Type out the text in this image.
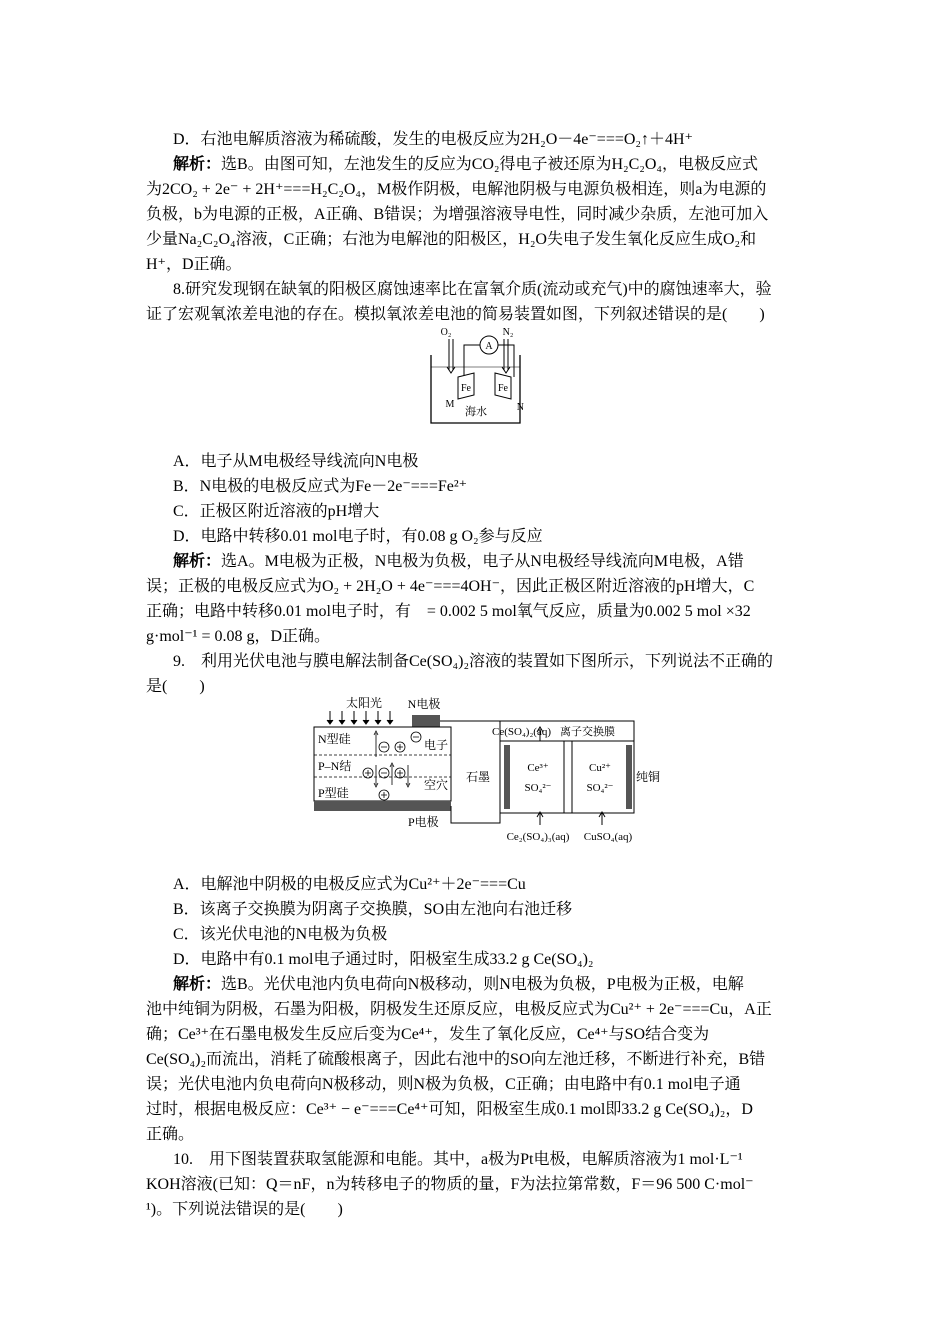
D．右池电解质溶液为稀硫酸，发生的电极反应为2H₂O－4e⁻===O₂↑＋4H⁺
解析：选B。由图可知，左池发生的反应为CO₂得电子被还原为H₂C₂O₄，电极反应式
为2CO₂ + 2e⁻ + 2H⁺===H₂C₂O₄，M极作阴极，电解池阴极与电源负极相连，则a为电源的
负极，b为电源的正极，A正确、B错误；为增强溶液导电性，同时减少杂质，左池可加入
少量Na₂C₂O₄溶液，C正确；右池为电解池的阳极区，H₂O失电子发生氧化反应生成O₂和
H⁺，D正确。
8.研究发现钢在缺氧的阳极区腐蚀速率比在富氧介质(流动或充气)中的腐蚀速率大，验
证了宏观氧浓差电池的存在。模拟氧浓差电池的简易装置如图，下列叙述错误的是(　　)
O₂	N₂
A
Fe	Fe
M	N
海水
A．电子从M电极经导线流向N电极
B．N电极的电极反应式为Fe－2e⁻===Fe²⁺
C．正极区附近溶液的pH增大
D．电路中转移0.01 mol电子时，有0.08 g O₂参与反应
解析：选A。M电极为正极，N电极为负极，电子从N电极经导线流向M电极，A错
误；正极的电极反应式为O₂ + 2H₂O + 4e⁻===4OH⁻，因此正极区附近溶液的pH增大，C
正确；电路中转移0.01 mol电子时，有　= 0.002 5 mol氧气反应，质量为0.002 5 mol ×32
g·mol⁻¹ = 0.08 g，D正确。
9.　利用光伏电池与膜电解法制备Ce(SO₄)₂溶液的装置如下图所示，下列说法不正确的
是(　　)
太阳光 N电极
N型硅
P–N结
P型硅
电子
空穴
P电极
石墨
Ce³⁺
SO₄²⁻
Cu²⁺
SO₄²⁻
纯铜
Ce(SO₄)₂(aq) 离子交换膜
Ce₂(SO₄)₃(aq) CuSO₄(aq)
A．电解池中阴极的电极反应式为Cu²⁺＋2e⁻===Cu
B．该离子交换膜为阴离子交换膜，SO由左池向右池迁移
C．该光伏电池的N电极为负极
D．电路中有0.1 mol电子通过时，阳极室生成33.2 g Ce(SO₄)₂
解析：选B。光伏电池内负电荷向N极移动，则N电极为负极，P电极为正极，电解
池中纯铜为阴极，石墨为阳极，阴极发生还原反应，电极反应式为Cu²⁺ + 2e⁻===Cu，A正
确；Ce³⁺在石墨电极发生反应后变为Ce⁴⁺，发生了氧化反应，Ce⁴⁺与SO结合变为
Ce(SO₄)₂而流出，消耗了硫酸根离子，因此右池中的SO向左池迁移，不断进行补充，B错
误；光伏电池内负电荷向N极移动，则N极为负极，C正确；由电路中有0.1 mol电子通
过时，根据电极反应：Ce³⁺ − e⁻===Ce⁴⁺可知，阳极室生成0.1 mol即33.2 g Ce(SO₄)₂，D
正确。
10.　用下图装置获取氢能源和电能。其中，a极为Pt电极，电解质溶液为1 mol·L⁻¹
KOH溶液(已知：Q＝nF，n为转移电子的物质的量，F为法拉第常数，F＝96 500 C·mol⁻
¹)。下列说法错误的是(　　)
